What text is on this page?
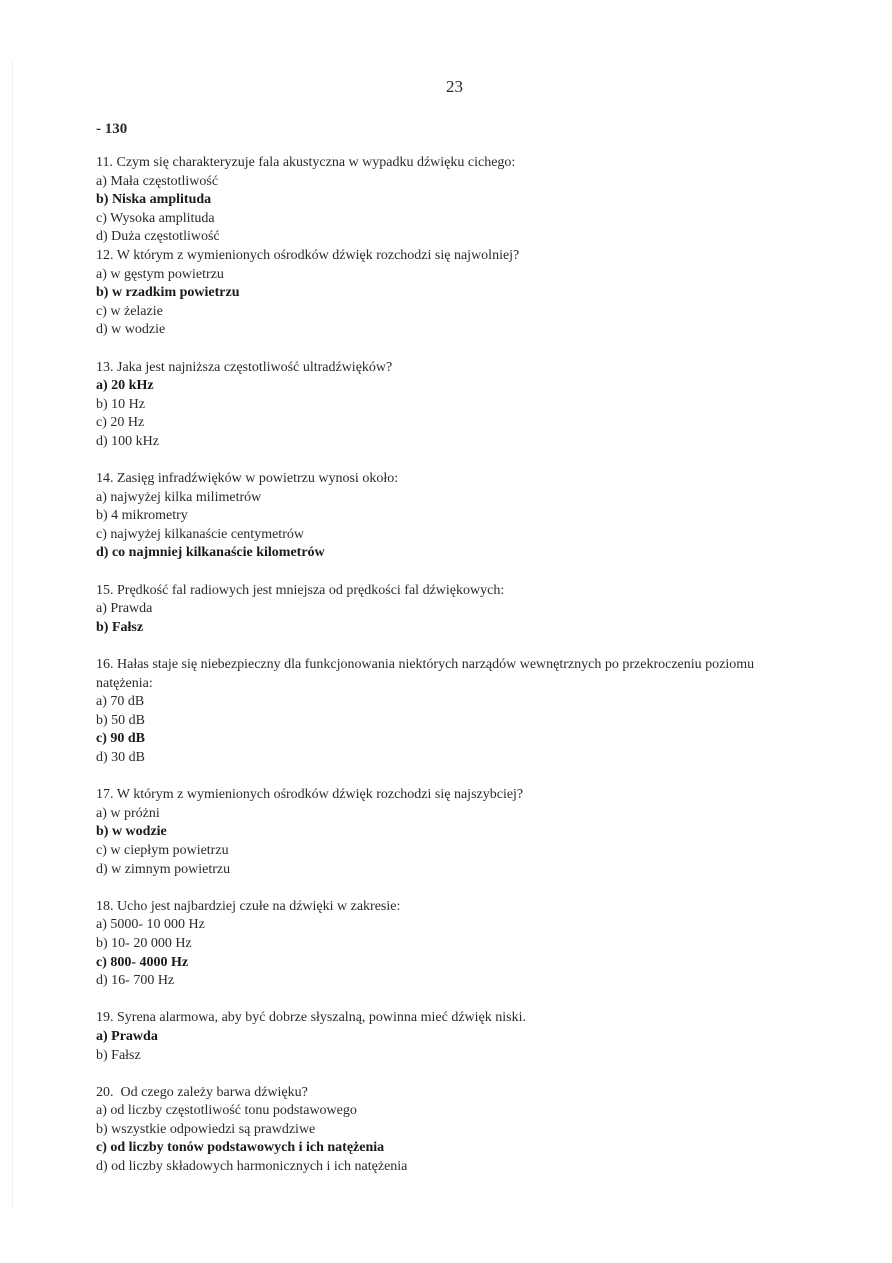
23
- 130
11. Czym się charakteryzuje fala akustyczna w wypadku dźwięku cichego:
a) Mała częstotliwość
b) Niska amplituda
c) Wysoka amplituda
d) Duża częstotliwość
12. W którym z wymienionych ośrodków dźwięk rozchodzi się najwolniej?
a) w gęstym powietrzu
b) w rzadkim powietrzu
c) w żelazie
d) w wodzie
13. Jaka jest najniższa częstotliwość ultradźwięków?
a) 20 kHz
b) 10 Hz
c) 20 Hz
d) 100 kHz
14. Zasięg infradźwięków w powietrzu wynosi około:
a) najwyżej kilka milimetrów
b) 4 mikrometry
c) najwyżej kilkanaście centymetrów
d) co najmniej kilkanaście kilometrów
15. Prędkość fal radiowych jest mniejsza od prędkości fal dźwiękowych:
a) Prawda
b) Fałsz
16. Hałas staje się niebezpieczny dla funkcjonowania niektórych narządów wewnętrznych po przekroczeniu poziomu natężenia:
a) 70 dB
b) 50 dB
c) 90 dB
d) 30 dB
17. W którym z wymienionych ośrodków dźwięk rozchodzi się najszybciej?
a) w próżni
b) w wodzie
c) w ciepłym powietrzu
d) w zimnym powietrzu
18. Ucho jest najbardziej czułe na dźwięki w zakresie:
a) 5000- 10 000 Hz
b) 10- 20 000 Hz
c) 800- 4000 Hz
d) 16- 700 Hz
19. Syrena alarmowa, aby być dobrze słyszalną, powinna mieć dźwięk niski.
a) Prawda
b) Fałsz
20.  Od czego zależy barwa dźwięku?
a) od liczby częstotliwość tonu podstawowego
b) wszystkie odpowiedzi są prawdziwe
c) od liczby tonów podstawowych i ich natężenia
d) od liczby składowych harmonicznych i ich natężenia
